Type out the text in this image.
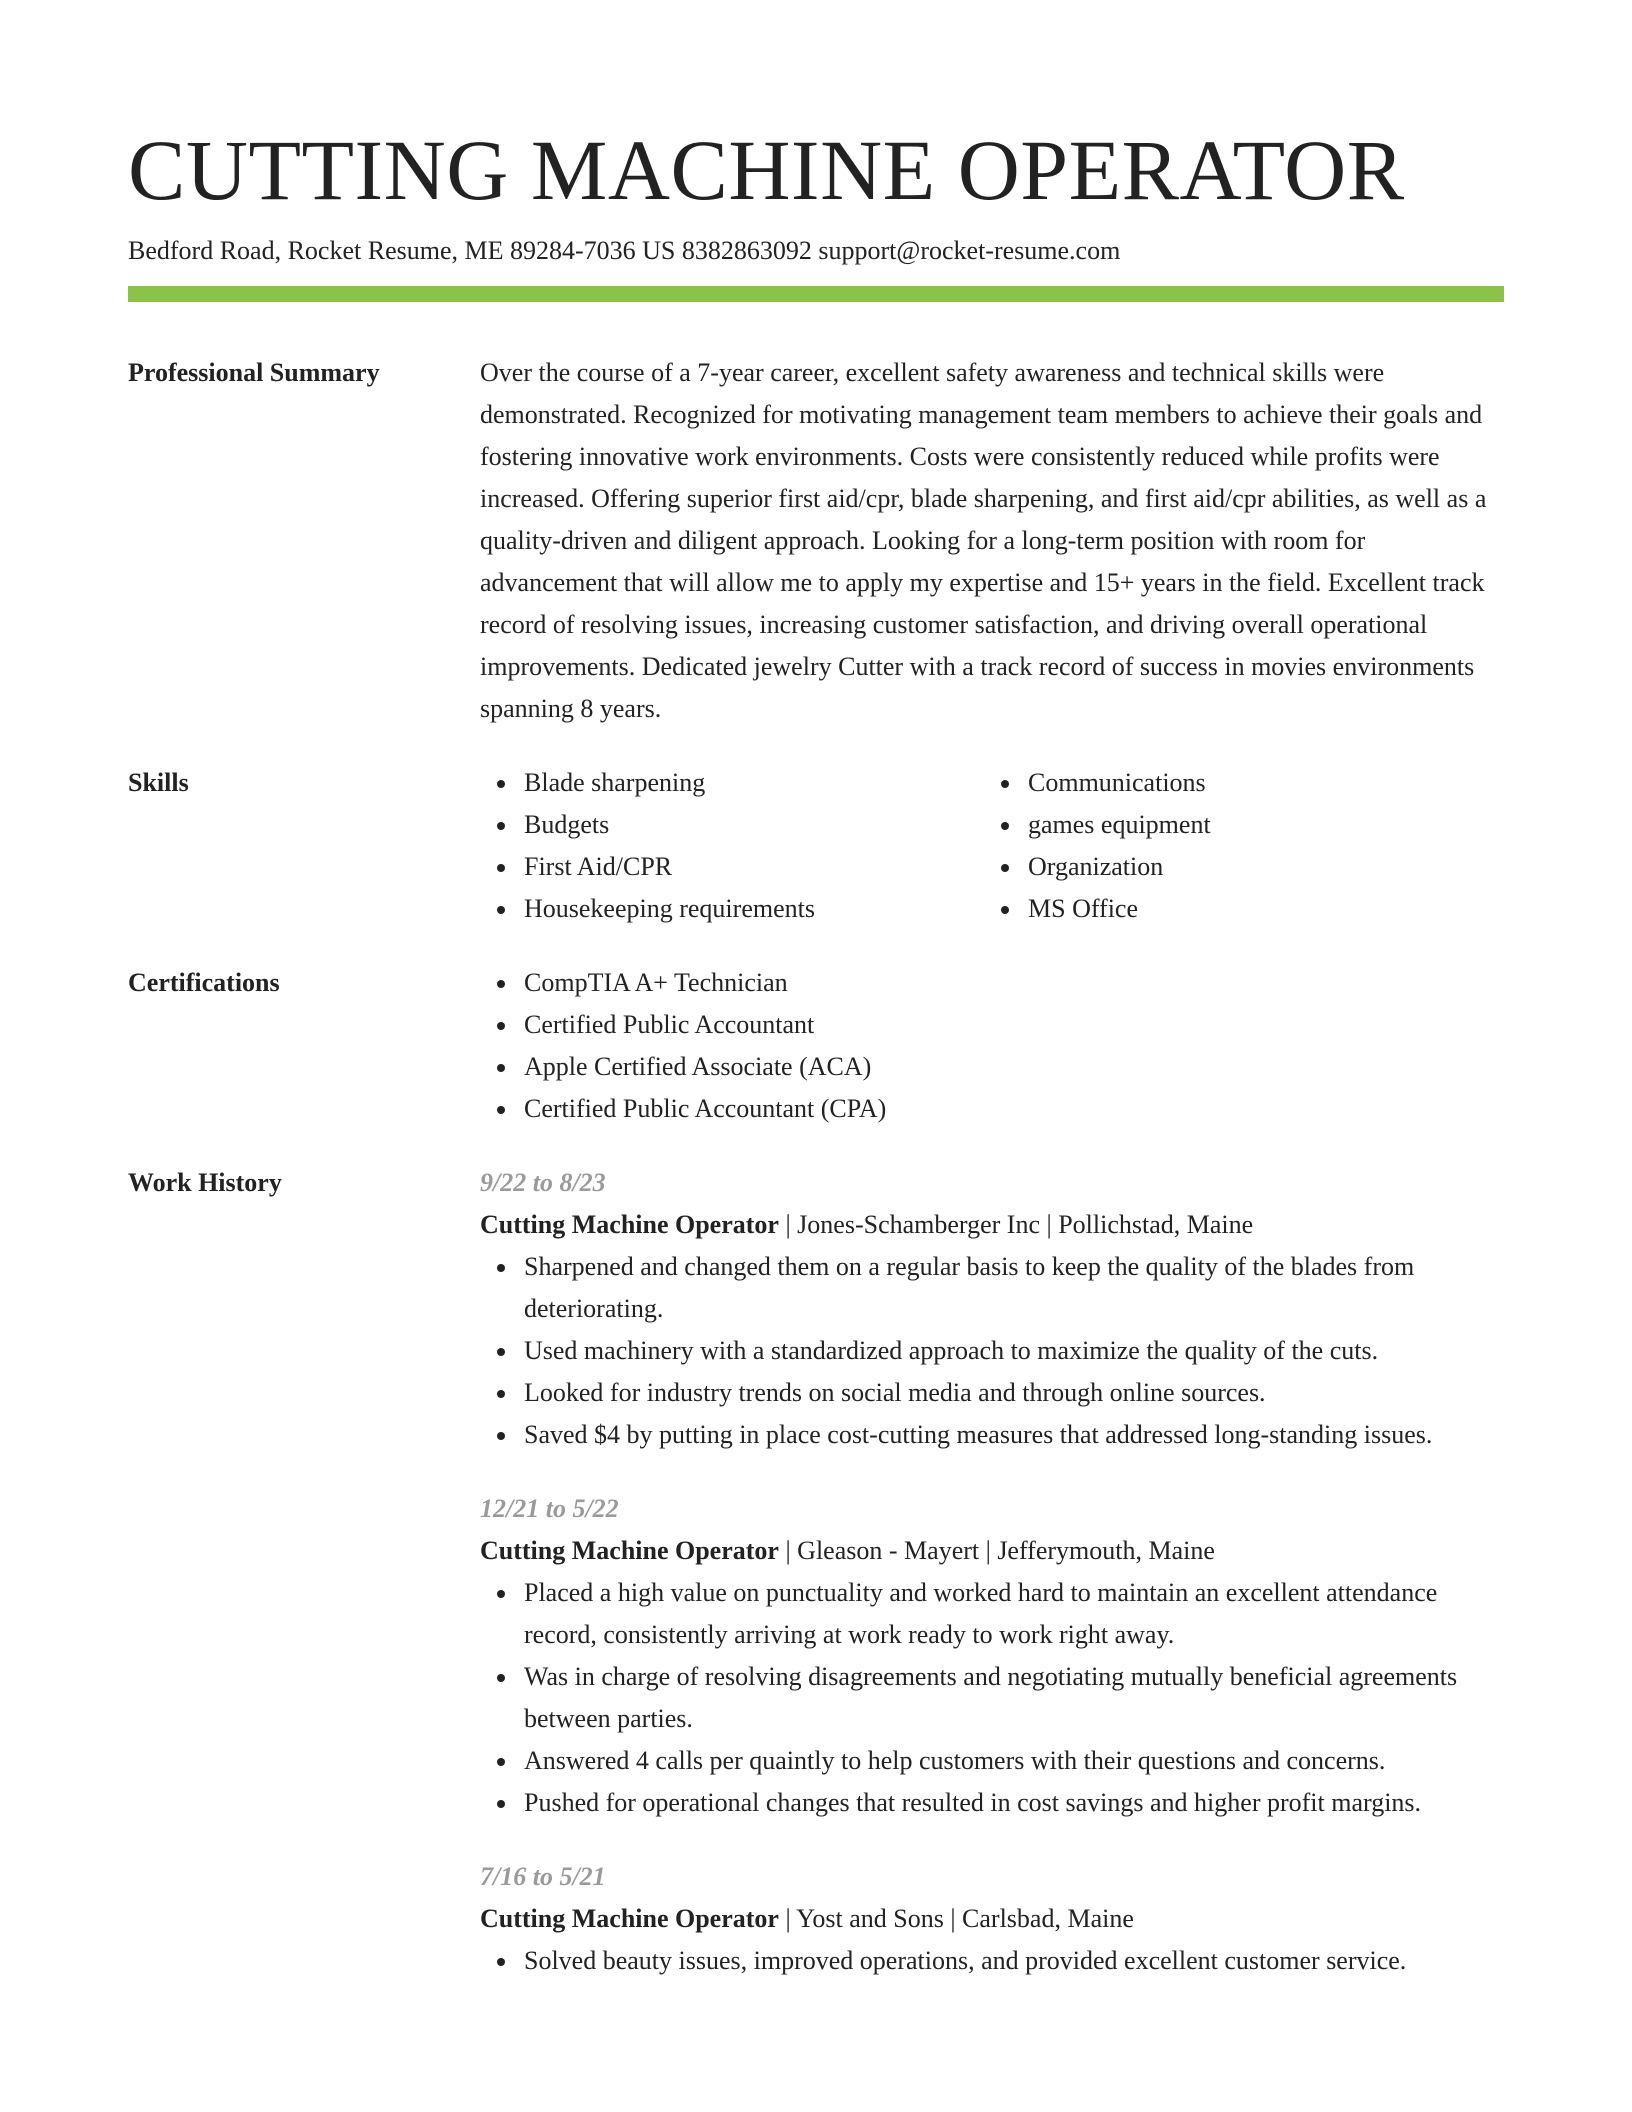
CUTTING MACHINE OPERATOR
Bedford Road, Rocket Resume, ME 89284-7036 US 8382863092 support@rocket-resume.com
Professional Summary	Over the course of a 7-year career, excellent safety awareness and technical skills were demonstrated. Recognized for motivating management team members to achieve their goals and fostering innovative work environments. Costs were consistently reduced while profits were increased. Offering superior first aid/cpr, blade sharpening, and first aid/cpr abilities, as well as a quality-driven and diligent approach. Looking for a long-term position with room for advancement that will allow me to apply my expertise and 15+ years in the field. Excellent track record of resolving issues, increasing customer satisfaction, and driving overall operational improvements. Dedicated jewelry Cutter with a track record of success in movies environments spanning 8 years.

Skills	Blade sharpening
Budgets
First Aid/CPR
Housekeeping requirements
Communications
games equipment
Organization
MS Office
Certifications	CompTIA A+ Technician
Certified Public Accountant
Apple Certified Associate (ACA)
Certified Public Accountant (CPA)
Work History	9/22 to 8/23
Cutting Machine Operator | Jones-Schamberger Inc | Pollichstad, Maine
Sharpened and changed them on a regular basis to keep the quality of the blades from deteriorating.
Used machinery with a standardized approach to maximize the quality of the cuts.
Looked for industry trends on social media and through online sources.
Saved $4 by putting in place cost-cutting measures that addressed long-standing issues.
12/21 to 5/22
Cutting Machine Operator | Gleason - Mayert | Jefferymouth, Maine
Placed a high value on punctuality and worked hard to maintain an excellent attendance record, consistently arriving at work ready to work right away.
Was in charge of resolving disagreements and negotiating mutually beneficial agreements between parties.
Answered 4 calls per quaintly to help customers with their questions and concerns.
Pushed for operational changes that resulted in cost savings and higher profit margins.
7/16 to 5/21
Cutting Machine Operator | Yost and Sons | Carlsbad, Maine
Solved beauty issues, improved operations, and provided excellent customer service.
